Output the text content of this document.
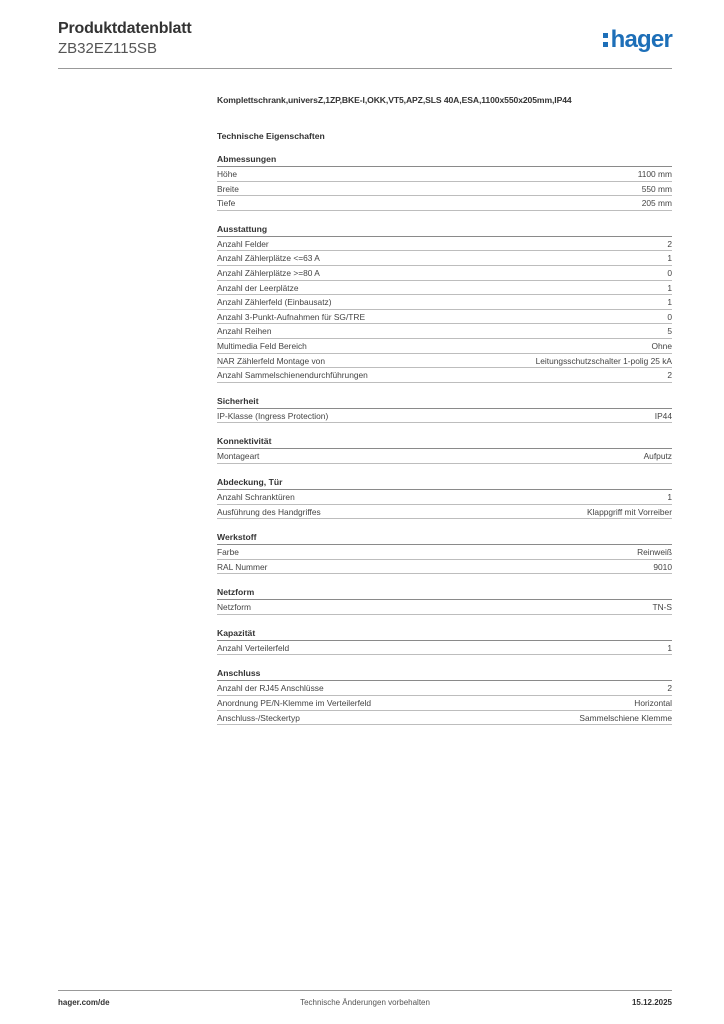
Produktdatenblatt
ZB32EZ115SB	hager
Komplettschrank,universZ,1ZP,BKE-I,OKK,VT5,APZ,SLS 40A,ESA,1100x550x205mm,IP44
Technische Eigenschaften
Abmessungen
Höhe	1100 mm
Breite	550 mm
Tiefe	205 mm
Ausstattung
Anzahl Felder	2
Anzahl Zählerplätze <=63 A	1
Anzahl Zählerplätze >=80 A	0
Anzahl der Leerplätze	1
Anzahl Zählerfeld (Einbausatz)	1
Anzahl 3-Punkt-Aufnahmen für SG/TRE	0
Anzahl Reihen	5
Multimedia Feld Bereich	Ohne
NAR Zählerfeld Montage von	Leitungsschutzschalter 1-polig 25 kA
Anzahl Sammelschienendurchführungen	2
Sicherheit
IP-Klasse (Ingress Protection)	IP44
Konnektivität
Montageart	Aufputz
Abdeckung, Tür
Anzahl Schranktüren	1
Ausführung des Handgriffes	Klappgriff mit Vorreiber
Werkstoff
Farbe	Reinweiß
RAL Nummer	9010
Netzform
Netzform	TN-S
Kapazität
Anzahl Verteilerfeld	1
Anschluss
Anzahl der RJ45 Anschlüsse	2
Anordnung PE/N-Klemme im Verteilerfeld	Horizontal
Anschluss-/Steckertyp	Sammelschiene Klemme
Technische Änderungen vorbehalten
hager.com/de	15.12.2025
